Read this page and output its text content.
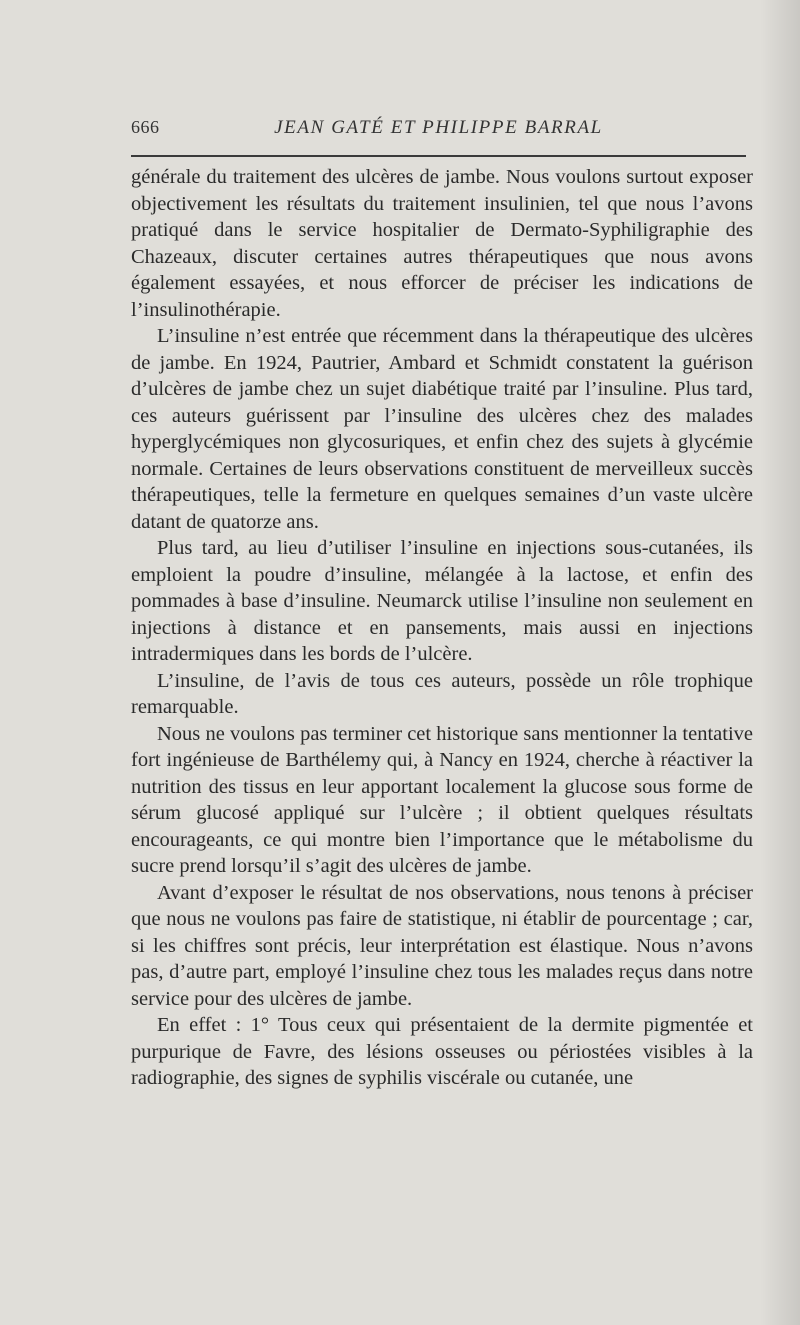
666	JEAN GATÉ ET PHILIPPE BARRAL

générale du traitement des ulcères de jambe. Nous voulons surtout exposer objectivement les résultats du traitement insulinien, tel que nous l’avons pratiqué dans le service hospitalier de Dermato-Syphiligraphie des Chazeaux, discuter certaines autres thérapeutiques que nous avons également essayées, et nous efforcer de préciser les indications de l’insulinothérapie.

L’insuline n’est entrée que récemment dans la thérapeutique des ulcères de jambe. En 1924, Pautrier, Ambard et Schmidt constatent la guérison d’ulcères de jambe chez un sujet diabétique traité par l’insuline. Plus tard, ces auteurs guérissent par l’insuline des ulcères chez des malades hyperglycémiques non glycosuriques, et enfin chez des sujets à glycémie normale. Certaines de leurs observations constituent de merveilleux succès thérapeutiques, telle la fermeture en quelques semaines d’un vaste ulcère datant de quatorze ans.

Plus tard, au lieu d’utiliser l’insuline en injections sous-cutanées, ils emploient la poudre d’insuline, mélangée à la lactose, et enfin des pommades à base d’insuline. Neumarck utilise l’insuline non seulement en injections à distance et en pansements, mais aussi en injections intradermiques dans les bords de l’ulcère.

L’insuline, de l’avis de tous ces auteurs, possède un rôle trophique remarquable.

Nous ne voulons pas terminer cet historique sans mentionner la tentative fort ingénieuse de Barthélemy qui, à Nancy en 1924, cherche à réactiver la nutrition des tissus en leur apportant localement la glucose sous forme de sérum glucosé appliqué sur l’ulcère ; il obtient quelques résultats encourageants, ce qui montre bien l’importance que le métabolisme du sucre prend lorsqu’il s’agit des ulcères de jambe.

Avant d’exposer le résultat de nos observations, nous tenons à préciser que nous ne voulons pas faire de statistique, ni établir de pourcentage ; car, si les chiffres sont précis, leur interprétation est élastique. Nous n’avons pas, d’autre part, employé l’insuline chez tous les malades reçus dans notre service pour des ulcères de jambe.

En effet : 1° Tous ceux qui présentaient de la dermite pigmentée et purpurique de Favre, des lésions osseuses ou périostées visibles à la radiographie, des signes de syphilis viscérale ou cutanée, une
